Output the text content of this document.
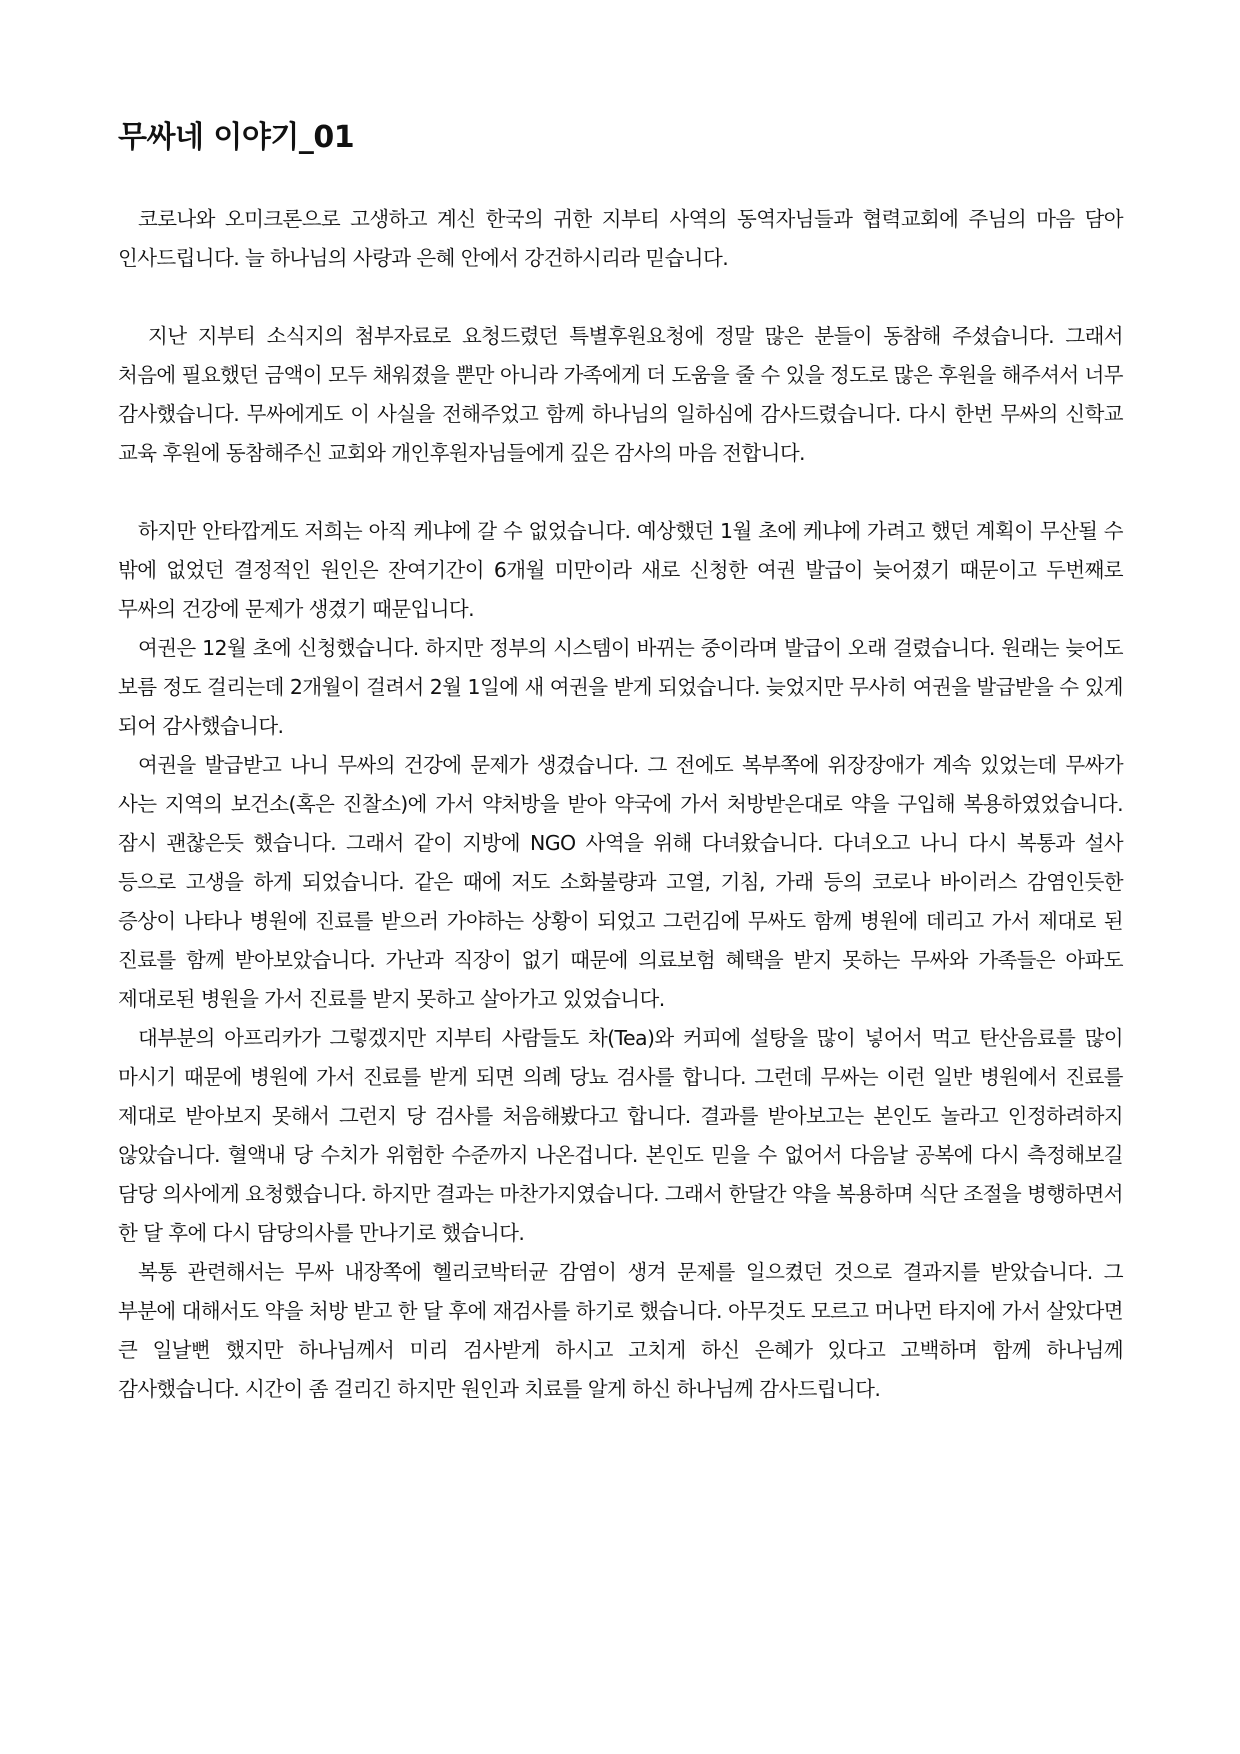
무싸네 이야기_01

코로나와 오미크론으로 고생하고 계신 한국의 귀한 지부티 사역의 동역자님들과 협력교회에 주님의 마음 담아 인사드립니다. 늘 하나님의 사랑과 은혜 안에서 강건하시리라 믿습니다.

지난 지부티 소식지의 첨부자료로 요청드렸던 특별후원요청에 정말 많은 분들이 동참해 주셨습니다. 그래서 처음에 필요했던 금액이 모두 채워졌을 뿐만 아니라 가족에게 더 도움을 줄 수 있을 정도로 많은 후원을 해주셔서 너무 감사했습니다. 무싸에게도 이 사실을 전해주었고 함께 하나님의 일하심에 감사드렸습니다. 다시 한번 무싸의 신학교 교육 후원에 동참해주신 교회와 개인후원자님들에게 깊은 감사의 마음 전합니다.

하지만 안타깝게도 저희는 아직 케냐에 갈 수 없었습니다. 예상했던 1월 초에 케냐에 가려고 했던 계획이 무산될 수 밖에 없었던 결정적인 원인은 잔여기간이 6개월 미만이라 새로 신청한 여권 발급이 늦어졌기 때문이고 두번째로 무싸의 건강에 문제가 생겼기 때문입니다.

여권은 12월 초에 신청했습니다. 하지만 정부의 시스템이 바뀌는 중이라며 발급이 오래 걸렸습니다. 원래는 늦어도 보름 정도 걸리는데 2개월이 걸려서 2월 1일에 새 여권을 받게 되었습니다. 늦었지만 무사히 여권을 발급받을 수 있게 되어 감사했습니다.

여권을 발급받고 나니 무싸의 건강에 문제가 생겼습니다. 그 전에도 복부쪽에 위장장애가 계속 있었는데 무싸가 사는 지역의 보건소(혹은 진찰소)에 가서 약처방을 받아 약국에 가서 처방받은대로 약을 구입해 복용하였었습니다. 잠시 괜찮은듯 했습니다. 그래서 같이 지방에 NGO 사역을 위해 다녀왔습니다. 다녀오고 나니 다시 복통과 설사 등으로 고생을 하게 되었습니다. 같은 때에 저도 소화불량과 고열, 기침, 가래 등의 코로나 바이러스 감염인듯한 증상이 나타나 병원에 진료를 받으러 가야하는 상황이 되었고 그런김에 무싸도 함께 병원에 데리고 가서 제대로 된 진료를 함께 받아보았습니다. 가난과 직장이 없기 때문에 의료보험 혜택을 받지 못하는 무싸와 가족들은 아파도 제대로된 병원을 가서 진료를 받지 못하고 살아가고 있었습니다.

대부분의 아프리카가 그렇겠지만 지부티 사람들도 차(Tea)와 커피에 설탕을 많이 넣어서 먹고 탄산음료를 많이 마시기 때문에 병원에 가서 진료를 받게 되면 의례 당뇨 검사를 합니다. 그런데 무싸는 이런 일반 병원에서 진료를 제대로 받아보지 못해서 그런지 당 검사를 처음해봤다고 합니다. 결과를 받아보고는 본인도 놀라고 인정하려하지 않았습니다. 혈액내 당 수치가 위험한 수준까지 나온겁니다. 본인도 믿을 수 없어서 다음날 공복에 다시 측정해보길 담당 의사에게 요청했습니다. 하지만 결과는 마찬가지였습니다. 그래서 한달간 약을 복용하며 식단 조절을 병행하면서 한 달 후에 다시 담당의사를 만나기로 했습니다.

복통 관련해서는 무싸 내장쪽에 헬리코박터균 감염이 생겨 문제를 일으켰던 것으로 결과지를 받았습니다. 그 부분에 대해서도 약을 처방 받고 한 달 후에 재검사를 하기로 했습니다. 아무것도 모르고 머나먼 타지에 가서 살았다면 큰 일날뻔 했지만 하나님께서 미리 검사받게 하시고 고치게 하신 은혜가 있다고 고백하며 함께 하나님께 감사했습니다. 시간이 좀 걸리긴 하지만 원인과 치료를 알게 하신 하나님께 감사드립니다.
